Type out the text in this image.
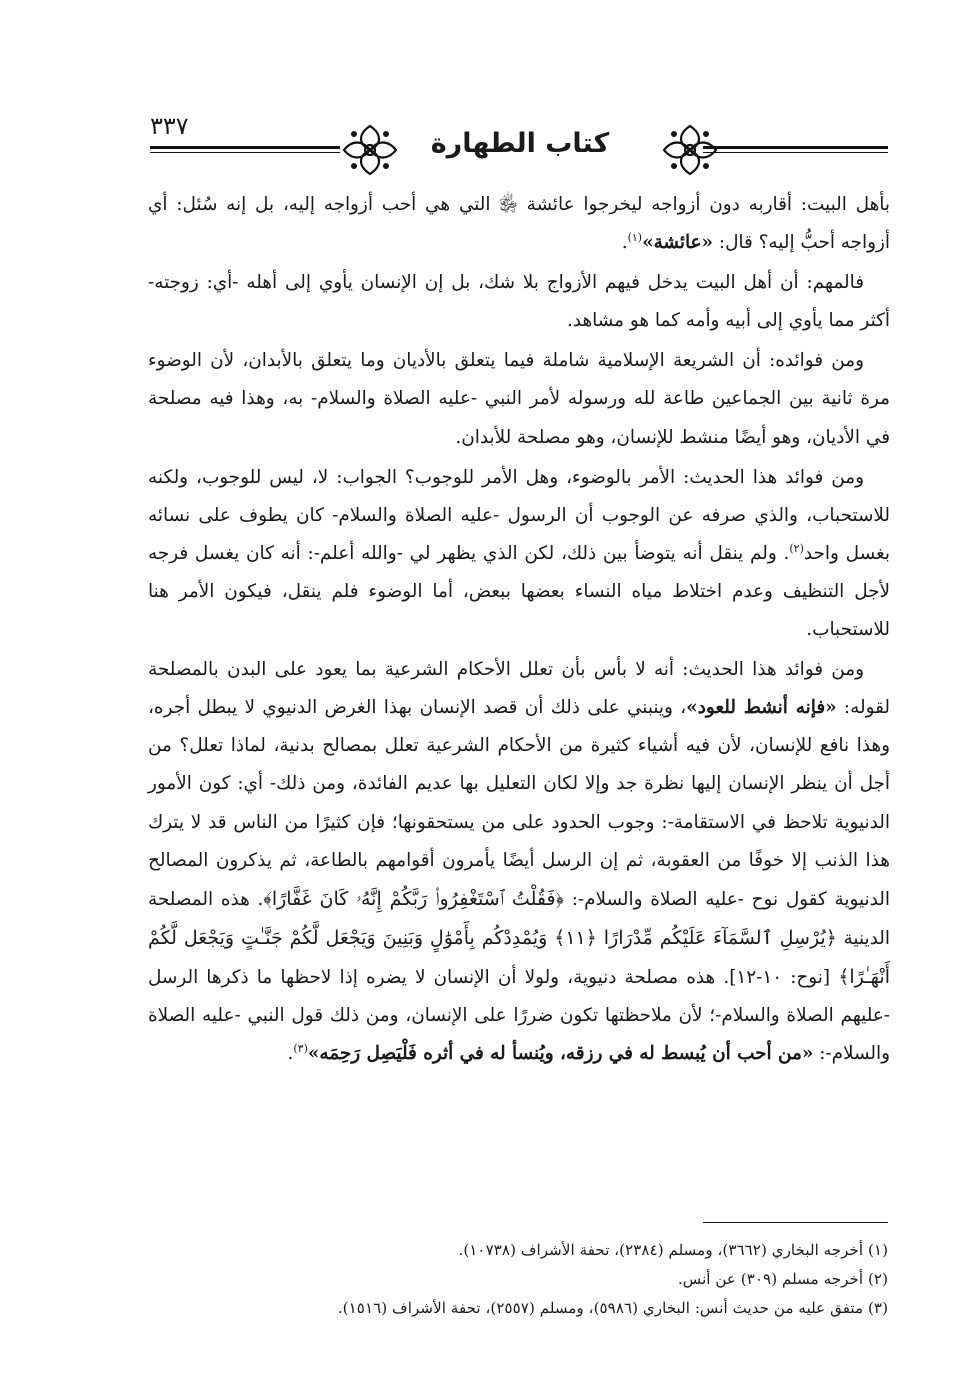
٣٣٧
كتاب الطهارة

بأهل البيت: أقاربه دون أزواجه ليخرجوا عائشة ﵂ التي هي أحب أزواجه إليه، بل إنه سُئل: أي أزواجه أحبُّ إليه؟ قال: «عائشة»$^{(١)}$.

فالمهم: أن أهل البيت يدخل فيهم الأزواج بلا شك، بل إن الإنسان يأوي إلى أهله -أي: زوجته- أكثر مما يأوي إلى أبيه وأمه كما هو مشاهد.

ومن فوائده: أن الشريعة الإسلامية شاملة فيما يتعلق بالأديان وما يتعلق بالأبدان، لأن الوضوء مرة ثانية بين الجماعين طاعة لله ورسوله لأمر النبي -عليه الصلاة والسلام- به، وهذا فيه مصلحة في الأديان، وهو أيضًا منشط للإنسان، وهو مصلحة للأبدان.

ومن فوائد هذا الحديث: الأمر بالوضوء، وهل الأمر للوجوب؟ الجواب: لا، ليس للوجوب، ولكنه للاستحباب، والذي صرفه عن الوجوب أن الرسول -عليه الصلاة والسلام- كان يطوف على نسائه بغسل واحد$^{(٢)}$. ولم ينقل أنه يتوضأ بين ذلك، لكن الذي يظهر لي -والله أعلم-: أنه كان يغسل فرجه لأجل التنظيف وعدم اختلاط مياه النساء بعضها ببعض، أما الوضوء فلم ينقل، فيكون الأمر هنا للاستحباب.

ومن فوائد هذا الحديث: أنه لا بأس بأن تعلل الأحكام الشرعية بما يعود على البدن بالمصلحة لقوله: «فإنه أنشط للعود»، وينبني على ذلك أن قصد الإنسان بهذا الغرض الدنيوي لا يبطل أجره، وهذا نافع للإنسان، لأن فيه أشياء كثيرة من الأحكام الشرعية تعلل بمصالح بدنية، لماذا تعلل؟ من أجل أن ينظر الإنسان إليها نظرة جد وإلا لكان التعليل بها عديم الفائدة، ومن ذلك- أي: كون الأمور الدنيوية تلاحظ في الاستقامة-: وجوب الحدود على من يستحقونها؛ فإن كثيرًا من الناس قد لا يترك هذا الذنب إلا خوفًا من العقوبة، ثم إن الرسل أيضًا يأمرون أقوامهم بالطاعة، ثم يذكرون المصالح الدنيوية كقول نوح -عليه الصلاة والسلام-: ﴿فَقُلْتُ ٱسْتَغْفِرُوا۟ رَبَّكُمْ إِنَّهُۥ كَانَ غَفَّارًا﴾. هذه المصلحة الدينية ﴿يُرْسِلِ ٱلسَّمَآءَ عَلَيْكُم مِّدْرَارًا ﴿١١﴾ وَيُمْدِدْكُم بِأَمْوَٰلٍ وَبَنِينَ وَيَجْعَل لَّكُمْ جَنَّـٰتٍ وَيَجْعَل لَّكُمْ أَنْهَـٰرًا﴾ [نوح: ١٠-١٢]. هذه مصلحة دنيوية، ولولا أن الإنسان لا يضره إذا لاحظها ما ذكرها الرسل -عليهم الصلاة والسلام-؛ لأن ملاحظتها تكون ضررًا على الإنسان، ومن ذلك قول النبي -عليه الصلاة والسلام-: «من أحب أن يُبسط له في رزقه، ويُنسأ له في أثره فَلْيَصِل رَحِمَه»$^{(٣)}$.

(١) أخرجه البخاري (٣٦٦٢)، ومسلم (٢٣٨٤)، تحفة الأشراف (١٠٧٣٨).
(٢) أخرجه مسلم (٣٠٩) عن أنس.
(٣) متفق عليه من حديث أنس: البخاري (٥٩٨٦)، ومسلم (٢٥٥٧)، تحفة الأشراف (١٥١٦).
